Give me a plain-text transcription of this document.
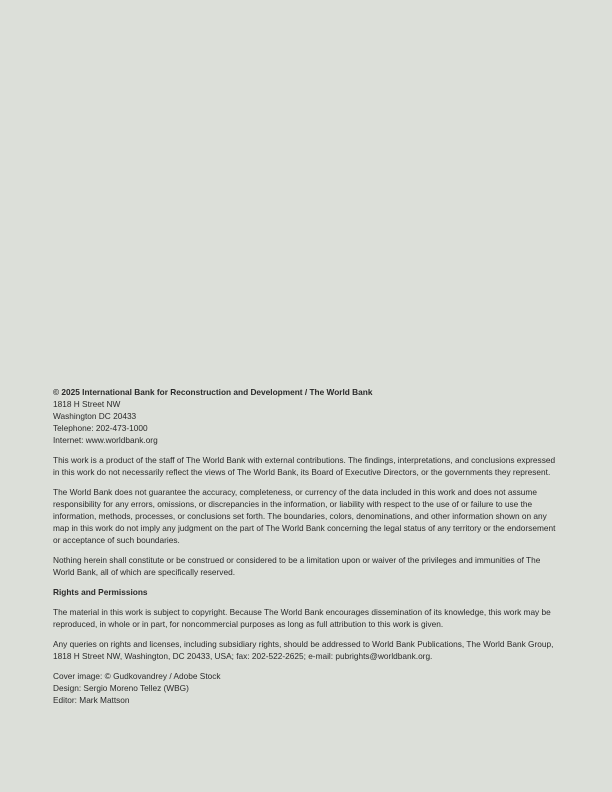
© 2025 International Bank for Reconstruction and Development / The World Bank
1818 H Street NW
Washington DC 20433
Telephone: 202-473-1000
Internet: www.worldbank.org

This work is a product of the staff of The World Bank with external contributions. The findings, interpretations, and conclusions expressed in this work do not necessarily reflect the views of The World Bank, its Board of Executive Directors, or the governments they represent.

The World Bank does not guarantee the accuracy, completeness, or currency of the data included in this work and does not assume responsibility for any errors, omissions, or discrepancies in the information, or liability with respect to the use of or failure to use the information, methods, processes, or conclusions set forth. The boundaries, colors, denominations, and other information shown on any map in this work do not imply any judgment on the part of The World Bank concerning the legal status of any territory or the endorsement or acceptance of such boundaries.

Nothing herein shall constitute or be construed or considered to be a limitation upon or waiver of the privileges and immunities of The World Bank, all of which are specifically reserved.

Rights and Permissions

The material in this work is subject to copyright. Because The World Bank encourages dissemination of its knowledge, this work may be reproduced, in whole or in part, for noncommercial purposes as long as full attribution to this work is given.

Any queries on rights and licenses, including subsidiary rights, should be addressed to World Bank Publications, The World Bank Group, 1818 H Street NW, Washington, DC 20433, USA; fax: 202-522-2625; e-mail: pubrights@worldbank.org.

Cover image: © Gudkovandrey / Adobe Stock
Design: Sergio Moreno Tellez (WBG)
Editor: Mark Mattson
